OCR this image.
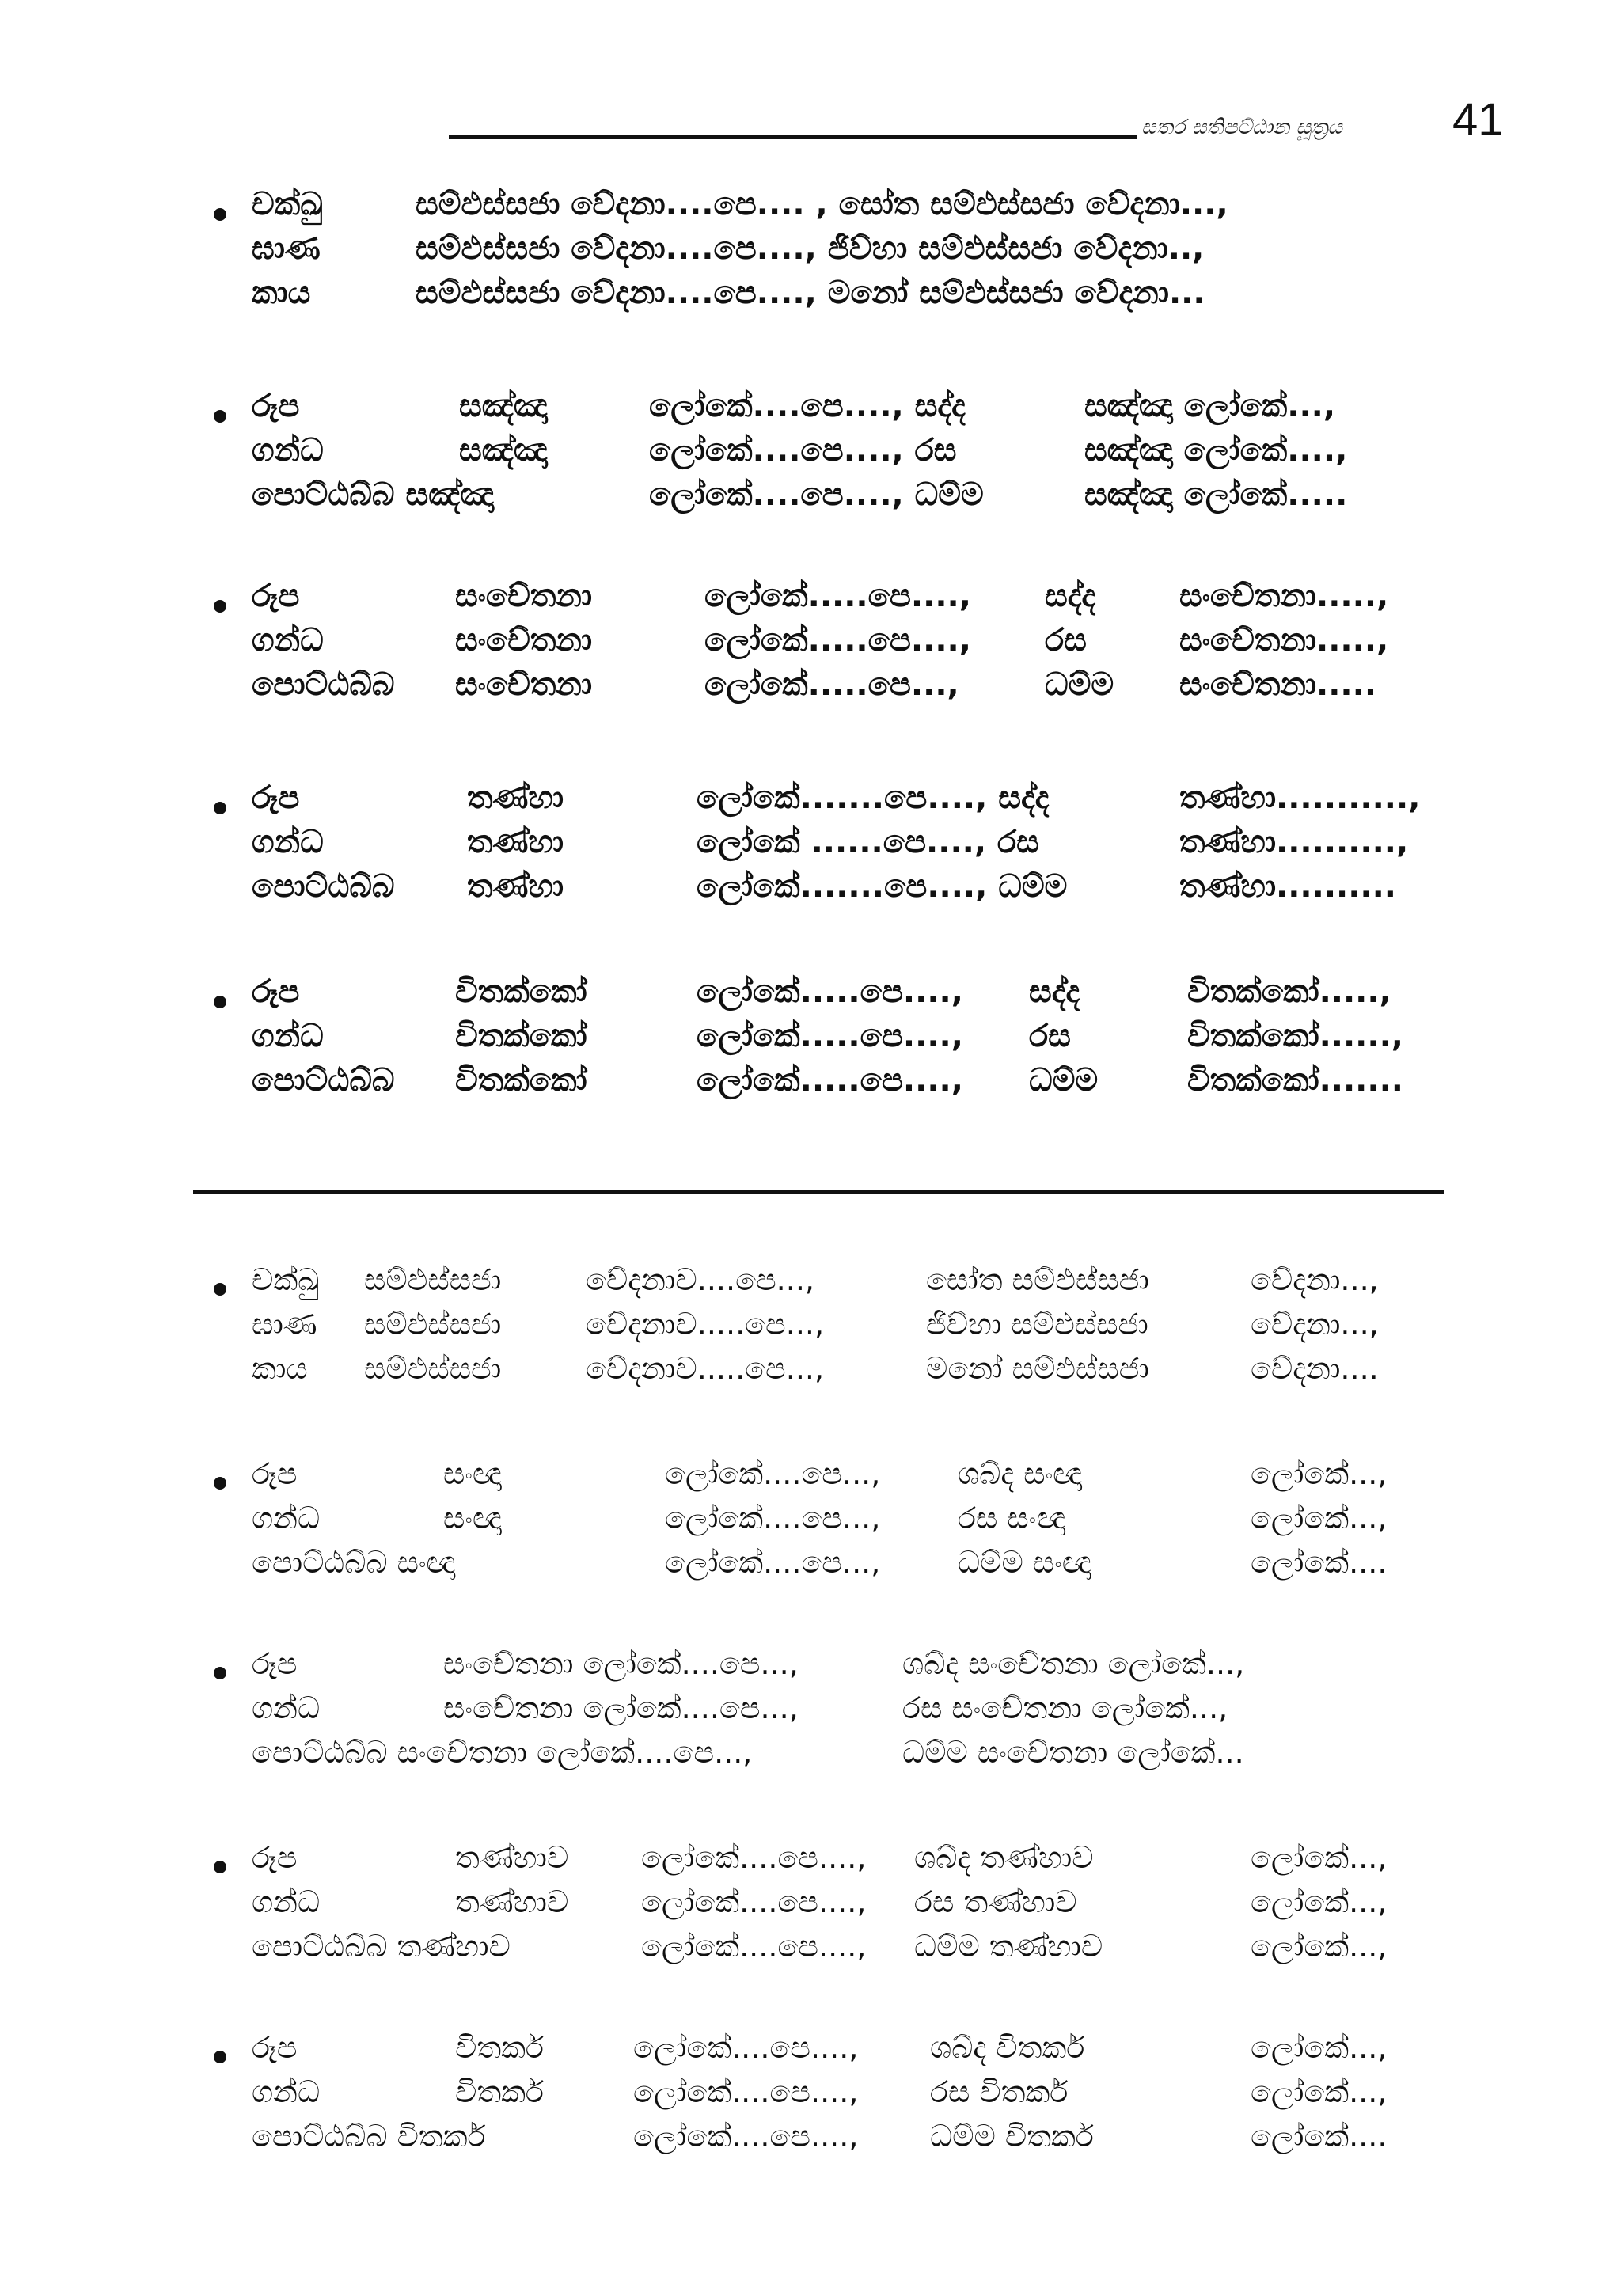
සතර සතිපට්ඨාන සූත්‍රය 41
චක්ඛු	සම්ඵස්සජා වේදනා....පෙ.... , සෝත සම්ඵස්සජා වේදනා...,
ඝාණ	සම්ඵස්සජා වේදනා....පෙ...., ජිව්හා සම්ඵස්සජා වේදනා..,
කාය	සම්ඵස්සජා වේදනා....පෙ...., මනෝ සම්ඵස්සජා වේදනා...
රූප	සඤ්ඤා	ලෝකේ....පෙ...., සද්ද	සඤ්ඤා ලෝකේ...,
ගන්ධ	සඤ්ඤා	ලෝකේ....පෙ...., රස	සඤ්ඤා ලෝකේ....,
පොට්ඨබ්බ සඤ්ඤා	ලෝකේ....පෙ...., ධම්ම	සඤ්ඤා ලෝකේ.....
රූප	සංචේතනා	ලෝකේ.....පෙ...., සද්ද	සංචේතනා.....,
ගන්ධ	සංචේතනා	ලෝකේ.....පෙ...., රස	සංචේතනා.....,
පොට්ඨබ්බ සංචේතනා	ලෝකේ.....පෙ...,	ධම්ම සංචේතනා.....
රූප	තණ්හා	ලෝකේ.......පෙ...., සද්ද	තණ්හා...........,
ගන්ධ	තණ්හා	ලෝකේ ......පෙ...., රස	තණ්හා..........,
පොට්ඨබ්බ තණ්හා	ලෝකේ.......පෙ...., ධම්ම	තණ්හා..........
රූප	විතක්කෝ	ලෝකේ.....පෙ...., සද්ද	විතක්කෝ.....,
ගන්ධ	විතක්කෝ	ලෝකේ.....පෙ...., රස	විතක්කෝ......,
පොට්ඨබ්බ විතක්කෝ	ලෝකේ.....පෙ...., ධම්ම	විතක්කෝ.......
චක්ඛු සම්ඵස්සජා	වේදනාව....පෙ...,	සෝත සම්ඵස්සජා	වේදනා...,
ඝාණ සම්ඵස්සජා	වේදනාව.....පෙ...,	ජිව්හා සම්ඵස්සජා	වේදනා...,
කාය සම්ඵස්සජා	වේදනාව.....පෙ...,	මනෝ සම්ඵස්සජා	වේදනා....
රූප	සංඥා	ලෝකේ....පෙ...,	ශබ්ද සංඥා	ලෝකේ...,
ගන්ධ	සංඥා	ලෝකේ....පෙ...,	රස සංඥා	ලෝකේ...,
පොට්ඨබ්බ සංඥා	ලෝකේ....පෙ...,	ධම්ම සංඥා	ලෝකේ....
රූප	සංචේතනා ලෝකේ....පෙ...,	ශබ්ද සංචේතනා ලෝකේ...,
ගන්ධ	සංචේතනා ලෝකේ....පෙ...,	රස සංචේතනා ලෝකේ...,
පොට්ඨබ්බ සංචේතනා ලෝකේ....පෙ...,	ධම්ම සංචේතනා ලෝකේ...
රූප	තණ්හාව ලෝකේ....පෙ...., ශබ්ද තණ්හාව	ලෝකේ...,
ගන්ධ	තණ්හාව ලෝකේ....පෙ...., රස තණ්හාව	ලෝකේ...,
පොට්ඨබ්බ තණ්හාව	ලෝකේ....පෙ...., ධම්ම තණ්හාව	ලෝකේ...,
රූප	විතර්ක	ලෝකේ....පෙ...., ශබ්ද විතර්ක	ලෝකේ...,
ගන්ධ	විතර්ක	ලෝකේ....පෙ...., රස විතර්ක	ලෝකේ...,
පොට්ඨබ්බ විතර්ක	ලෝකේ....පෙ...., ධම්ම විතර්ක	ලෝකේ....
